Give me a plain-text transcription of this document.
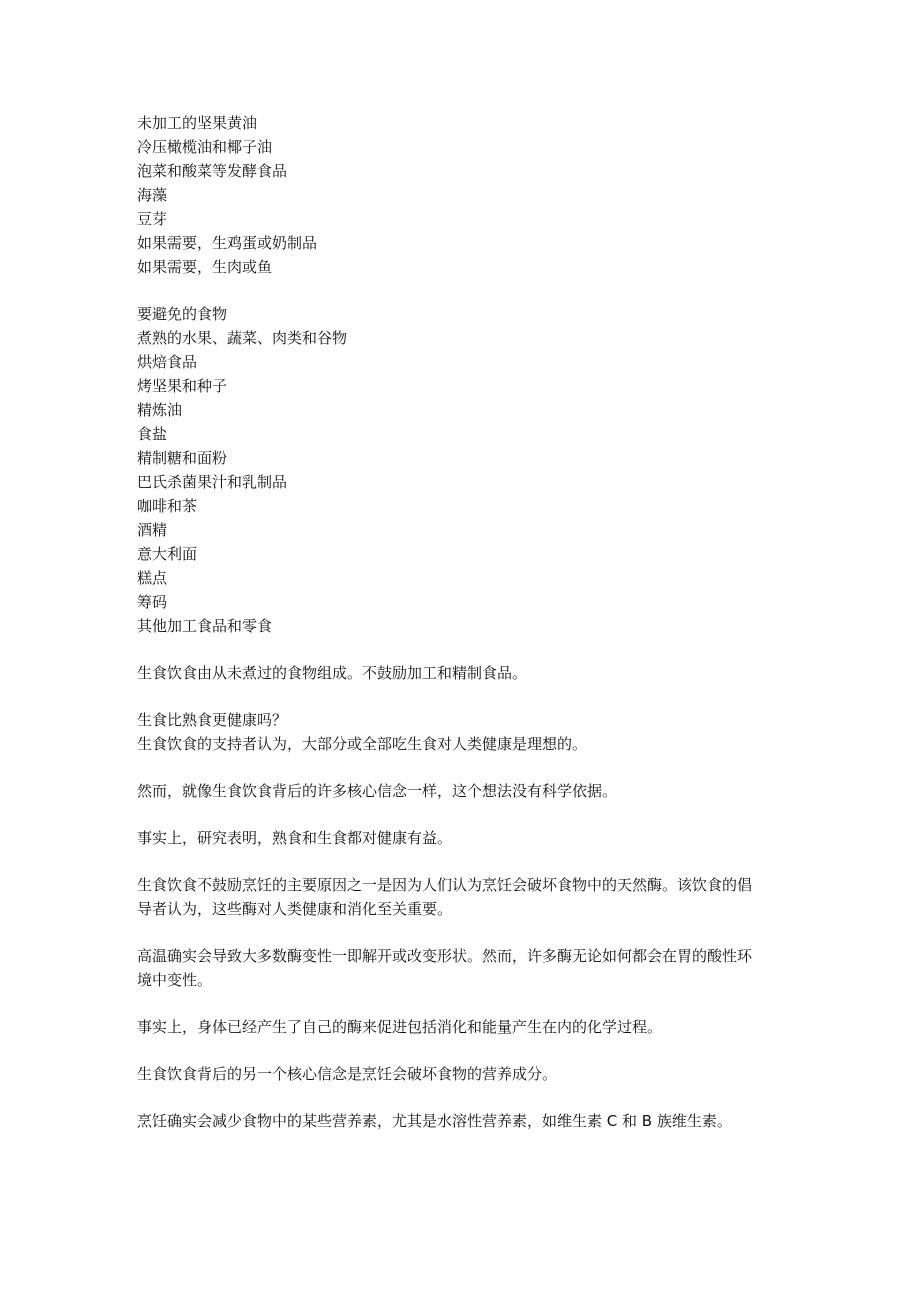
未加工的坚果黄油
冷压橄榄油和椰子油
泡菜和酸菜等发酵食品
海藻
豆芽
如果需要，生鸡蛋或奶制品
如果需要，生肉或鱼
要避免的食物
煮熟的水果、蔬菜、肉类和谷物
烘焙食品
烤坚果和种子
精炼油
食盐
精制糖和面粉
巴氏杀菌果汁和乳制品
咖啡和茶
酒精
意大利面
糕点
筹码
其他加工食品和零食
生食饮食由从未煮过的食物组成。不鼓励加工和精制食品。
生食比熟食更健康吗？
生食饮食的支持者认为，大部分或全部吃生食对人类健康是理想的。
然而，就像生食饮食背后的许多核心信念一样，这个想法没有科学依据。
事实上，研究表明，熟食和生食都对健康有益。
生食饮食不鼓励烹饪的主要原因之一是因为人们认为烹饪会破坏食物中的天然酶。该饮食的倡
导者认为，这些酶对人类健康和消化至关重要。
高温确实会导致大多数酶变性一即解开或改变形状。然而，许多酶无论如何都会在胃的酸性环
境中变性。
事实上，身体已经产生了自己的酶来促进包括消化和能量产生在内的化学过程。
生食饮食背后的另一个核心信念是烹饪会破坏食物的营养成分。
烹饪确实会减少食物中的某些营养素，尤其是水溶性营养素，如维生素 C 和 B 族维生素。
